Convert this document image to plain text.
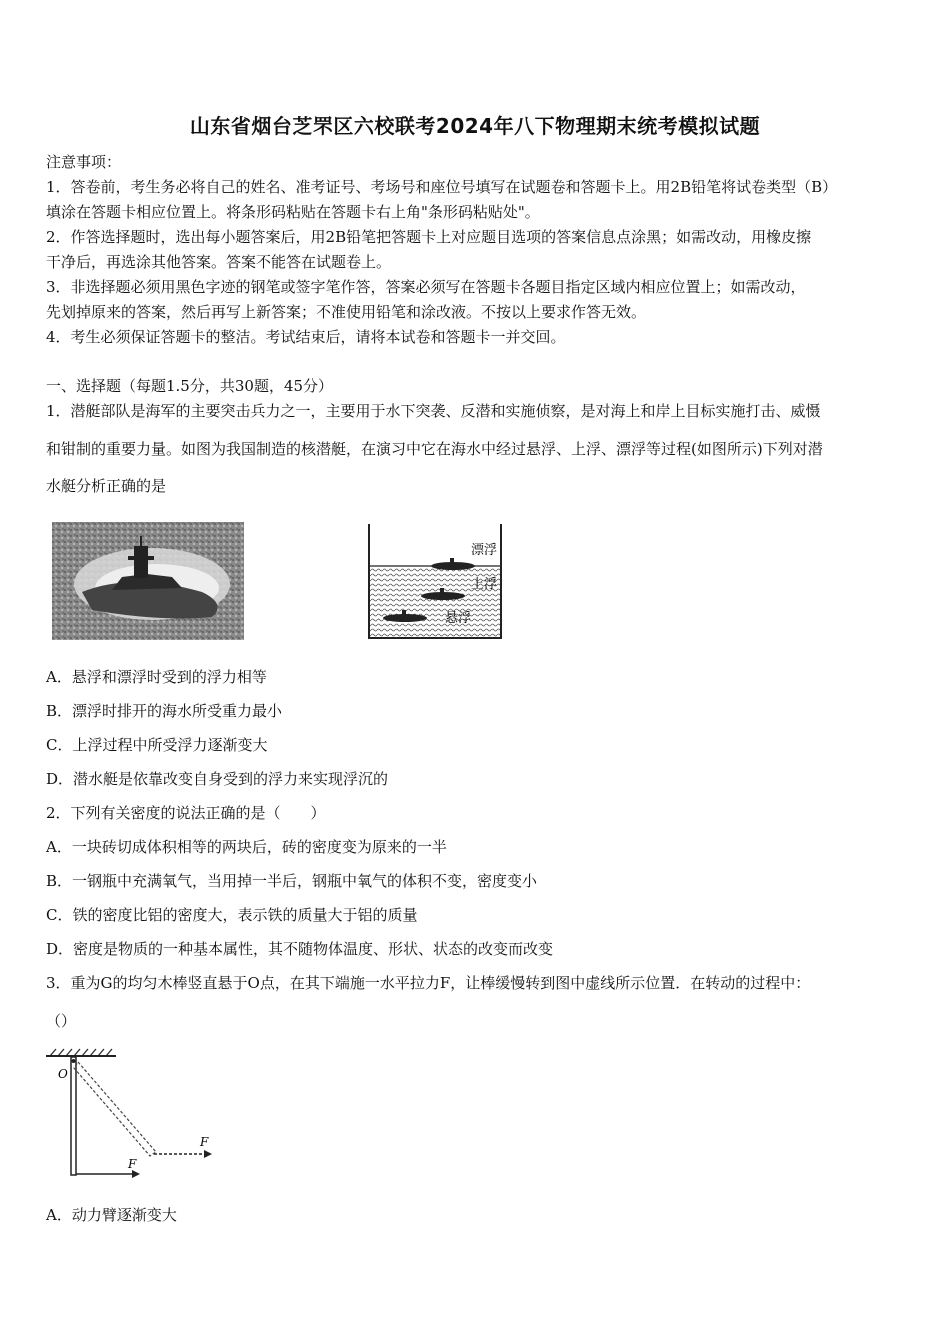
山东省烟台芝罘区六校联考2024年八下物理期末统考模拟试题
注意事项：
1．答卷前，考生务必将自己的姓名、准考证号、考场号和座位号填写在试题卷和答题卡上。用2B铅笔将试卷类型（B）
填涂在答题卡相应位置上。将条形码粘贴在答题卡右上角"条形码粘贴处"。
2．作答选择题时，选出每小题答案后，用2B铅笔把答题卡上对应题目选项的答案信息点涂黑；如需改动，用橡皮擦
干净后，再选涂其他答案。答案不能答在试题卷上。
3．非选择题必须用黑色字迹的钢笔或签字笔作答，答案必须写在答题卡各题目指定区域内相应位置上；如需改动，
先划掉原来的答案，然后再写上新答案；不准使用铅笔和涂改液。不按以上要求作答无效。
4．考生必须保证答题卡的整洁。考试结束后，请将本试卷和答题卡一并交回。
一、选择题（每题1.5分，共30题，45分）
1．潜艇部队是海军的主要突击兵力之一，主要用于水下突袭、反潜和实施侦察，是对海上和岸上目标实施打击、威慑
和钳制的重要力量。如图为我国制造的核潜艇，在演习中它在海水中经过悬浮、上浮、漂浮等过程(如图所示)下列对潜
水艇分析正确的是
漂浮
上浮
悬浮
A．悬浮和漂浮时受到的浮力相等
B．漂浮时排开的海水所受重力最小
C．上浮过程中所受浮力逐渐变大
D．潜水艇是依靠改变自身受到的浮力来实现浮沉的
2．下列有关密度的说法正确的是（　　）
A．一块砖切成体积相等的两块后，砖的密度变为原来的一半
B．一钢瓶中充满氧气，当用掉一半后，钢瓶中氧气的体积不变，密度变小
C．铁的密度比铝的密度大，表示铁的质量大于铝的质量
D．密度是物质的一种基本属性，其不随物体温度、形状、状态的改变而改变
3．重为G的均匀木棒竖直悬于O点，在其下端施一水平拉力F，让棒缓慢转到图中虚线所示位置．在转动的过程中：
（）
O
F
F
A．动力臂逐渐变大
